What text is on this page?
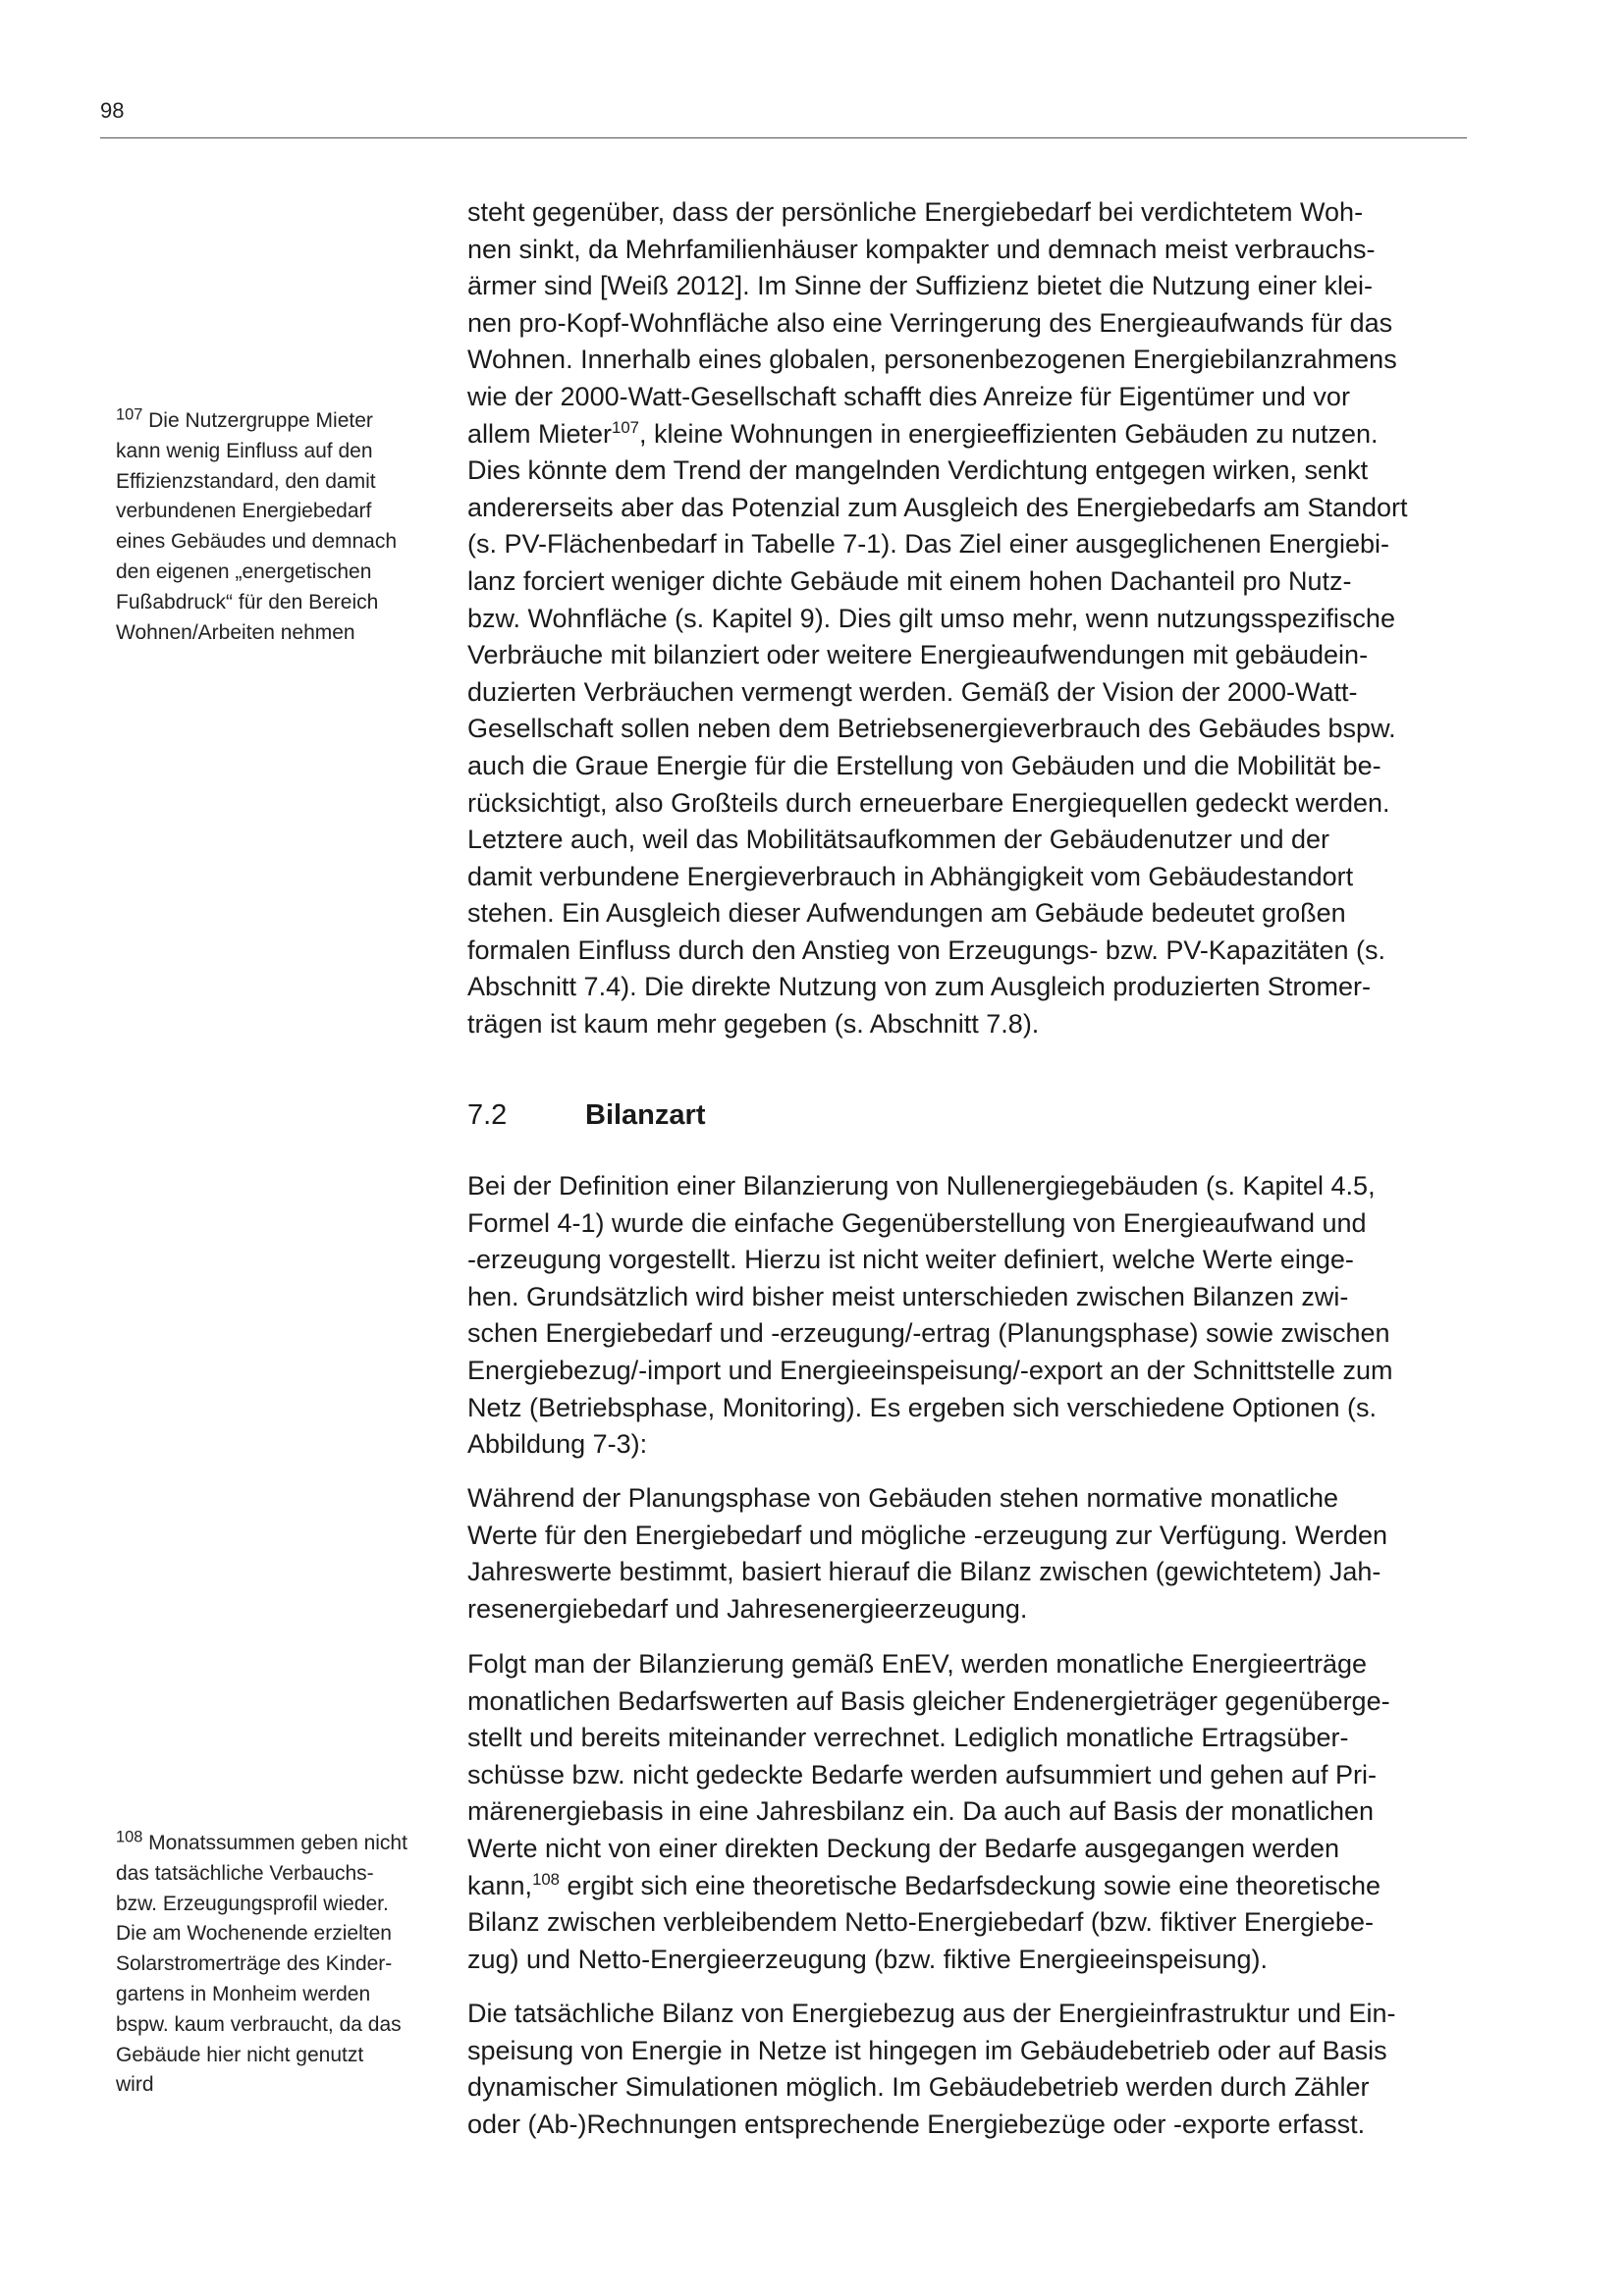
98
$^{107}$ Die Nutzergruppe Mieter
kann wenig Einfluss auf den
Effizienzstandard, den damit
verbundenen Energiebedarf
eines Gebäudes und demnach
den eigenen „energetischen
Fußabdruck“ für den Bereich
Wohnen/Arbeiten nehmen
$^{108}$ Monatssummen geben nicht
das tatsächliche Verbauchs-
bzw. Erzeugungsprofil wieder.
Die am Wochenende erzielten
Solarstromerträge des Kinder-
gartens in Monheim werden
bspw. kaum verbraucht, da das
Gebäude hier nicht genutzt
wird
steht gegenüber, dass der persönliche Energiebedarf bei verdichtetem Woh-
nen sinkt, da Mehrfamilienhäuser kompakter und demnach meist verbrauchs-
ärmer sind [Weiß 2012]. Im Sinne der Suffizienz bietet die Nutzung einer klei-
nen pro-Kopf-Wohnfläche also eine Verringerung des Energieaufwands für das
Wohnen. Innerhalb eines globalen, personenbezogenen Energiebilanzrahmens
wie der 2000-Watt-Gesellschaft schafft dies Anreize für Eigentümer und vor
allem Mieter$^{107}$, kleine Wohnungen in energieeffizienten Gebäuden zu nutzen.
Dies könnte dem Trend der mangelnden Verdichtung entgegen wirken, senkt
andererseits aber das Potenzial zum Ausgleich des Energiebedarfs am Standort
(s. PV-Flächenbedarf in Tabelle 7-1). Das Ziel einer ausgeglichenen Energiebi-
lanz forciert weniger dichte Gebäude mit einem hohen Dachanteil pro Nutz-
bzw. Wohnfläche (s. Kapitel 9). Dies gilt umso mehr, wenn nutzungsspezifische
Verbräuche mit bilanziert oder weitere Energieaufwendungen mit gebäudein-
duzierten Verbräuchen vermengt werden. Gemäß der Vision der 2000-Watt-
Gesellschaft sollen neben dem Betriebsenergieverbrauch des Gebäudes bspw.
auch die Graue Energie für die Erstellung von Gebäuden und die Mobilität be-
rücksichtigt, also Großteils durch erneuerbare Energiequellen gedeckt werden.
Letztere auch, weil das Mobilitätsaufkommen der Gebäudenutzer und der
damit verbundene Energieverbrauch in Abhängigkeit vom Gebäudestandort
stehen. Ein Ausgleich dieser Aufwendungen am Gebäude bedeutet großen
formalen Einfluss durch den Anstieg von Erzeugungs- bzw. PV-Kapazitäten (s.
Abschnitt 7.4). Die direkte Nutzung von zum Ausgleich produzierten Stromer-
trägen ist kaum mehr gegeben (s. Abschnitt 7.8).
7.2	Bilanzart
Bei der Definition einer Bilanzierung von Nullenergiegebäuden (s. Kapitel 4.5,
Formel 4-1) wurde die einfache Gegenüberstellung von Energieaufwand und
-erzeugung vorgestellt. Hierzu ist nicht weiter definiert, welche Werte einge-
hen. Grundsätzlich wird bisher meist unterschieden zwischen Bilanzen zwi-
schen Energiebedarf und -erzeugung/-ertrag (Planungsphase) sowie zwischen
Energiebezug/-import und Energieeinspeisung/-export an der Schnittstelle zum
Netz (Betriebsphase, Monitoring). Es ergeben sich verschiedene Optionen (s.
Abbildung 7-3):
Während der Planungsphase von Gebäuden stehen normative monatliche
Werte für den Energiebedarf und mögliche -erzeugung zur Verfügung. Werden
Jahreswerte bestimmt, basiert hierauf die Bilanz zwischen (gewichtetem) Jah-
resenergiebedarf und Jahresenergieerzeugung.
Folgt man der Bilanzierung gemäß EnEV, werden monatliche Energieerträge
monatlichen Bedarfswerten auf Basis gleicher Endenergieträger gegenüberge-
stellt und bereits miteinander verrechnet. Lediglich monatliche Ertragsüber-
schüsse bzw. nicht gedeckte Bedarfe werden aufsummiert und gehen auf Pri-
märenergiebasis in eine Jahresbilanz ein. Da auch auf Basis der monatlichen
Werte nicht von einer direkten Deckung der Bedarfe ausgegangen werden
kann,$^{108}$ ergibt sich eine theoretische Bedarfsdeckung sowie eine theoretische
Bilanz zwischen verbleibendem Netto-Energiebedarf (bzw. fiktiver Energiebe-
zug) und Netto-Energieerzeugung (bzw. fiktive Energieeinspeisung).
Die tatsächliche Bilanz von Energiebezug aus der Energieinfrastruktur und Ein-
speisung von Energie in Netze ist hingegen im Gebäudebetrieb oder auf Basis
dynamischer Simulationen möglich. Im Gebäudebetrieb werden durch Zähler
oder (Ab-)Rechnungen entsprechende Energiebezüge oder -exporte erfasst.
